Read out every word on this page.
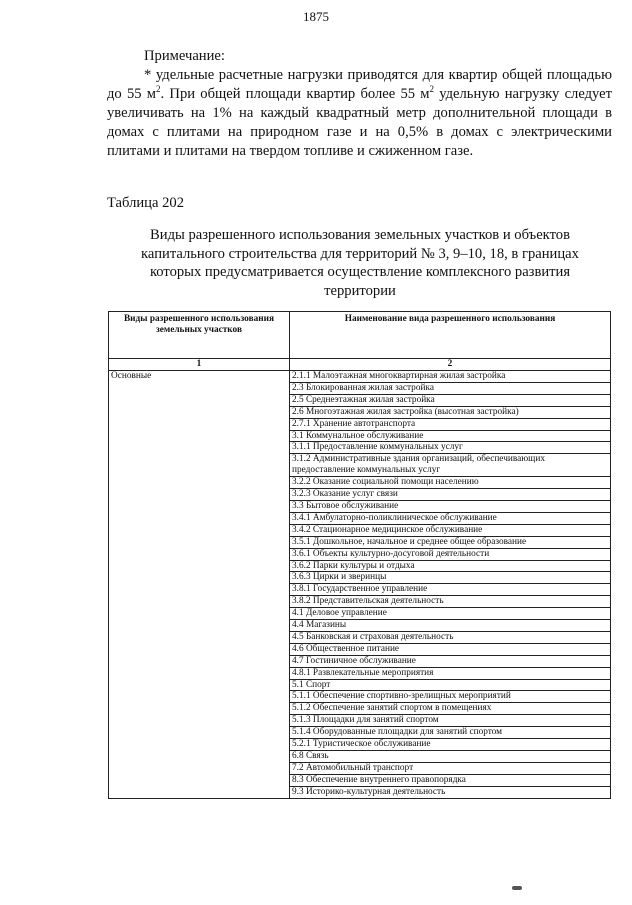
1875
Примечание:
* удельные расчетные нагрузки приводятся для квартир общей площадью до 55 $м^2$. При общей площади квартир более 55 $м^2$ удельную нагрузку следует увеличивать на 1% на каждый квадратный метр дополнительной площади в домах с плитами на природном газе и на 0,5% в домах с электрическими плитами и плитами на твердом топливе и сжиженном газе.
Таблица 202
Виды разрешенного использования земельных участков и объектов капитального строительства для территорий № 3, 9–10, 18, в границах которых предусматривается осуществление комплексного развития территории
Виды разрешенного использования земельных участков	Наименование вида разрешенного использования
1	2
Основные	2.1.1 Малоэтажная многоквартирная жилая застройка
	2.3 Блокированная жилая застройка
	2.5 Среднеэтажная жилая застройка
	2.6 Многоэтажная жилая застройка (высотная застройка)
	2.7.1 Хранение автотранспорта
	3.1 Коммунальное обслуживание
	3.1.1 Предоставление коммунальных услуг
	3.1.2 Административные здания организаций, обеспечивающих предоставление коммунальных услуг
	3.2.2 Оказание социальной помощи населению
	3.2.3 Оказание услуг связи
	3.3 Бытовое обслуживание
	3.4.1 Амбулаторно-поликлиническое обслуживание
	3.4.2 Стационарное медицинское обслуживание
	3.5.1 Дошкольное, начальное и среднее общее образование
	3.6.1 Объекты культурно-досуговой деятельности
	3.6.2 Парки культуры и отдыха
	3.6.3 Цирки и зверинцы
	3.8.1 Государственное управление
	3.8.2 Представительская деятельность
	4.1 Деловое управление
	4.4 Магазины
	4.5 Банковская и страховая деятельность
	4.6 Общественное питание
	4.7 Гостиничное обслуживание
	4.8.1 Развлекательные мероприятия
	5.1 Спорт
	5.1.1 Обеспечение спортивно-зрелищных мероприятий
	5.1.2 Обеспечение занятий спортом в помещениях
	5.1.3 Площадки для занятий спортом
	5.1.4 Оборудованные площадки для занятий спортом
	5.2.1 Туристическое обслуживание
	6.8 Связь
	7.2 Автомобильный транспорт
	8.3 Обеспечение внутреннего правопорядка
	9.3 Историко-культурная деятельность
